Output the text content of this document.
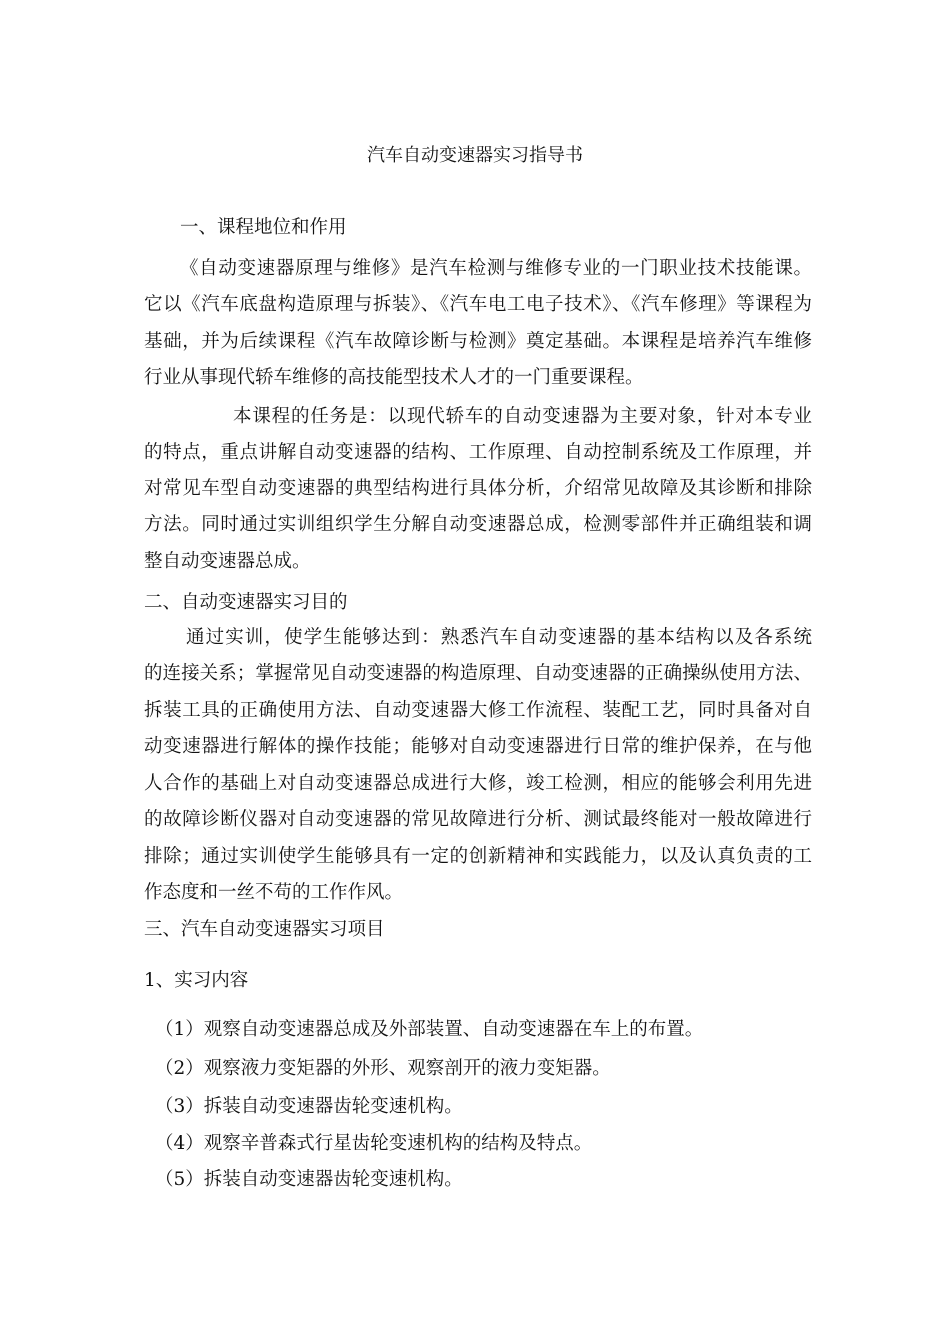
汽车自动变速器实习指导书
一、课程地位和作用
《自动变速器原理与维修》是汽车检测与维修专业的一门职业技术技能课。
它以《汽车底盘构造原理与拆装》、《汽车电工电子技术》、《汽车修理》等课程为
基础，并为后续课程《汽车故障诊断与检测》奠定基础。本课程是培养汽车维修
行业从事现代轿车维修的高技能型技术人才的一门重要课程。
本课程的任务是：以现代轿车的自动变速器为主要对象，针对本专业
的特点，重点讲解自动变速器的结构、工作原理、自动控制系统及工作原理，并
对常见车型自动变速器的典型结构进行具体分析，介绍常见故障及其诊断和排除
方法。同时通过实训组织学生分解自动变速器总成，检测零部件并正确组装和调
整自动变速器总成。
二、自动变速器实习目的
通过实训，使学生能够达到：熟悉汽车自动变速器的基本结构以及各系统
的连接关系；掌握常见自动变速器的构造原理、自动变速器的正确操纵使用方法、
拆装工具的正确使用方法、自动变速器大修工作流程、装配工艺，同时具备对自
动变速器进行解体的操作技能；能够对自动变速器进行日常的维护保养，在与他
人合作的基础上对自动变速器总成进行大修，竣工检测，相应的能够会利用先进
的故障诊断仪器对自动变速器的常见故障进行分析、测试最终能对一般故障进行
排除；通过实训使学生能够具有一定的创新精神和实践能力，以及认真负责的工
作态度和一丝不苟的工作作风。
三、汽车自动变速器实习项目
1、实习内容
（1）观察自动变速器总成及外部装置、自动变速器在车上的布置。
（2）观察液力变矩器的外形、观察剖开的液力变矩器。
（3）拆装自动变速器齿轮变速机构。
（4）观察辛普森式行星齿轮变速机构的结构及特点。
（5）拆装自动变速器齿轮变速机构。
